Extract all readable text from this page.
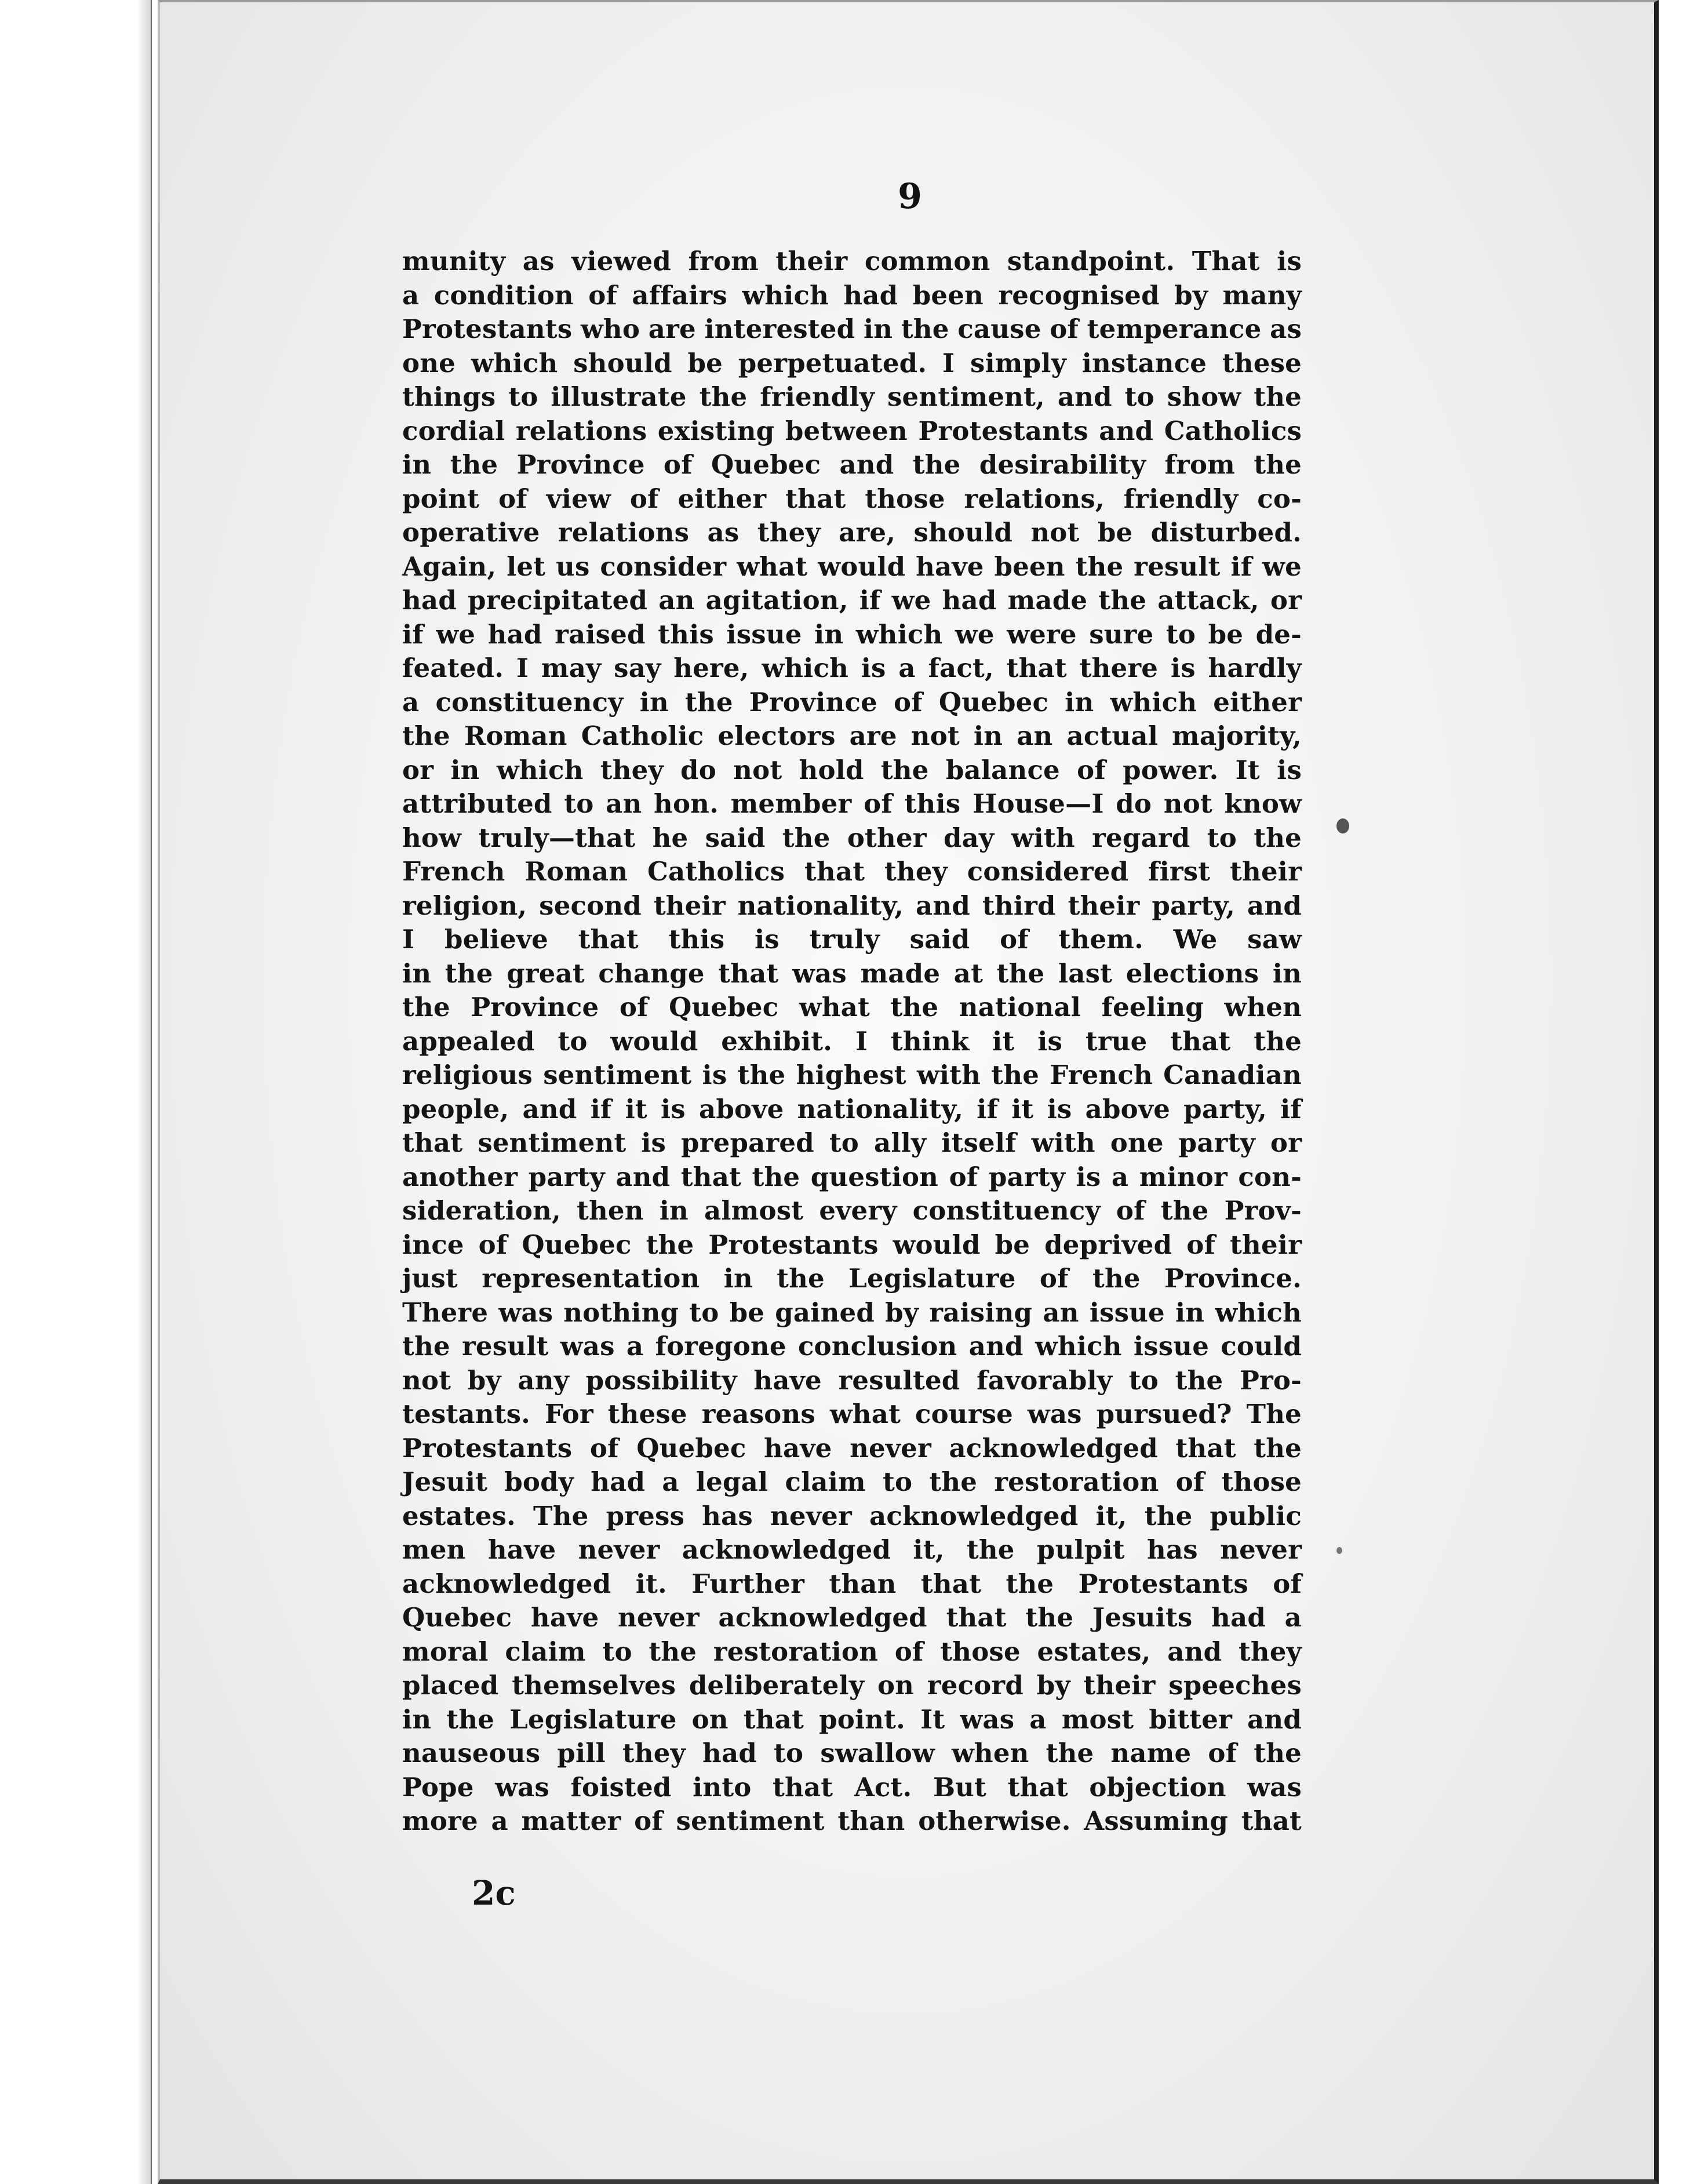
9
munity as viewed from their common standpoint. That is
a condition of affairs which had been recognised by many
Protestants who are interested in the cause of temperance as
one which should be perpetuated. I simply instance these
things to illustrate the friendly sentiment, and to show the
cordial relations existing between Protestants and Catholics
in the Province of Quebec and the desirability from the
point of view of either that those relations, friendly co-
operative relations as they are, should not be disturbed.
Again, let us consider what would have been the result if we
had precipitated an agitation, if we had made the attack, or
if we had raised this issue in which we were sure to be de-
feated. I may say here, which is a fact, that there is hardly
a constituency in the Province of Quebec in which either
the Roman Catholic electors are not in an actual majority,
or in which they do not hold the balance of power. It is
attributed to an hon. member of this House—I do not know
how truly—that he said the other day with regard to the
French Roman Catholics that they considered first their
religion, second their nationality, and third their party, and
I believe that this is truly said of them. We saw
in the great change that was made at the last elections in
the Province of Quebec what the national feeling when
appealed to would exhibit. I think it is true that the
religious sentiment is the highest with the French Canadian
people, and if it is above nationality, if it is above party, if
that sentiment is prepared to ally itself with one party or
another party and that the question of party is a minor con-
sideration, then in almost every constituency of the Prov-
ince of Quebec the Protestants would be deprived of their
just representation in the Legislature of the Province.
There was nothing to be gained by raising an issue in which
the result was a foregone conclusion and which issue could
not by any possibility have resulted favorably to the Pro-
testants. For these reasons what course was pursued? The
Protestants of Quebec have never acknowledged that the
Jesuit body had a legal claim to the restoration of those
estates. The press has never acknowledged it, the public
men have never acknowledged it, the pulpit has never
acknowledged it. Further than that the Protestants of
Quebec have never acknowledged that the Jesuits had a
moral claim to the restoration of those estates, and they
placed themselves deliberately on record by their speeches
in the Legislature on that point. It was a most bitter and
nauseous pill they had to swallow when the name of the
Pope was foisted into that Act. But that objection was
more a matter of sentiment than otherwise. Assuming that
2c
